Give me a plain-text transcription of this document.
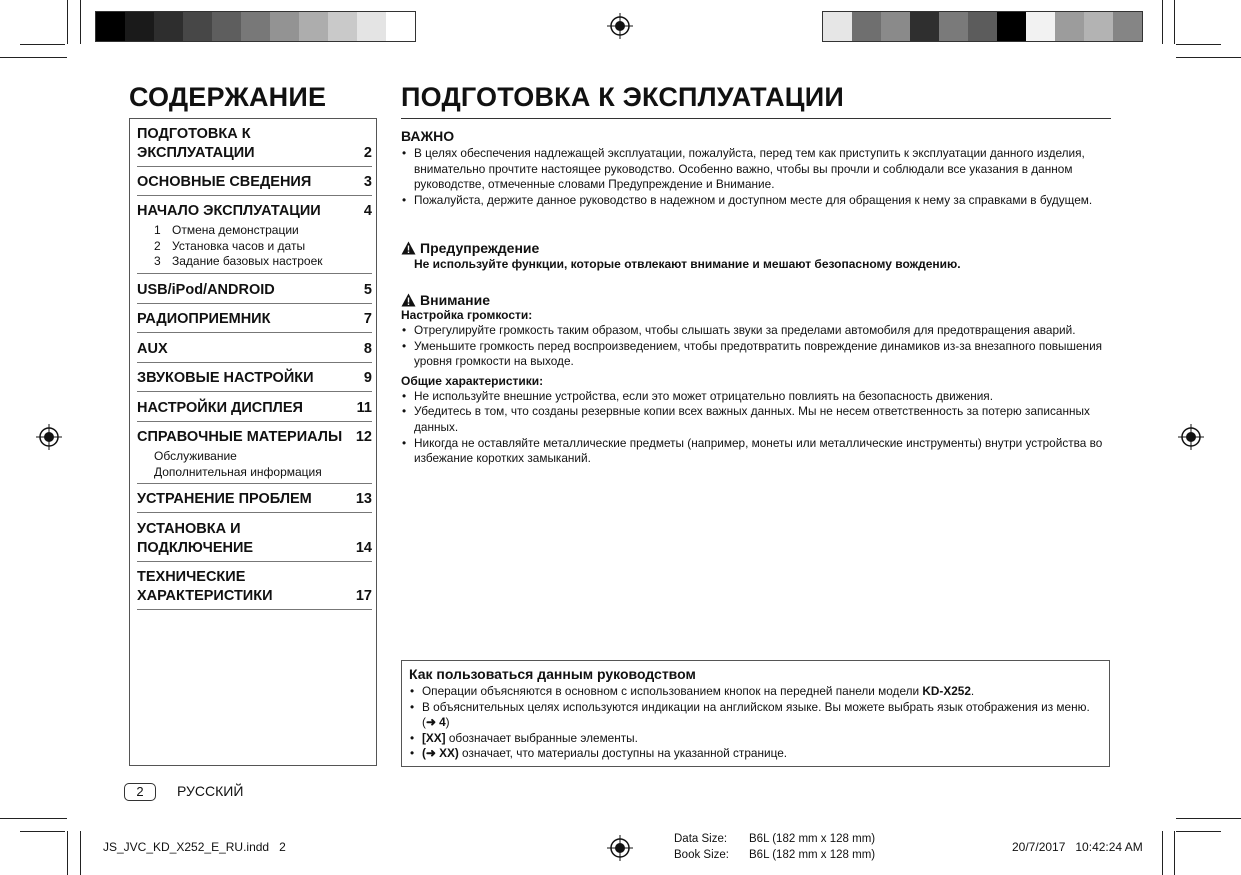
СОДЕРЖАНИЕ	ПОДГОТОВКА К ЭКСПЛУАТАЦИИ
ПОДГОТОВКА К
ЭКСПЛУАТАЦИИ	2
ОСНОВНЫЕ СВЕДЕНИЯ	3
НАЧАЛО ЭКСПЛУАТАЦИИ	4
1 Отмена демонстрации
2 Установка часов и даты
3 Задание базовых настроек
USB/iPod/ANDROID	5
РАДИОПРИЕМНИК	7
AUX	8
ЗВУКОВЫЕ НАСТРОЙКИ	9
НАСТРОЙКИ ДИСПЛЕЯ	11
СПРАВОЧНЫЕ МАТЕРИАЛЫ 12
Обслуживание
Дополнительная информация
УСТРАНЕНИЕ ПРОБЛЕМ	13
УСТАНОВКА И
ПОДКЛЮЧЕНИЕ	14
ТЕХНИЧЕСКИЕ
ХАРАКТЕРИСТИКИ	17
ВАЖНО
• В целях обеспечения надлежащей эксплуатации, пожалуйста, перед тем как приступить к эксплуатации данного изделия, внимательно прочтите настоящее руководство. Особенно важно, чтобы вы прочли и соблюдали все указания в данном руководстве, отмеченные словами Предупреждение и Внимание.
• Пожалуйста, держите данное руководство в надежном и доступном месте для обращения к нему за справками в будущем.
Предупреждение
Не используйте функции, которые отвлекают внимание и мешают безопасному вождению.
Внимание
Настройка громкости:
• Отрегулируйте громкость таким образом, чтобы слышать звуки за пределами автомобиля для предотвращения аварий.
• Уменьшите громкость перед воспроизведением, чтобы предотвратить повреждение динамиков из-за внезапного повышения уровня громкости на выходе.
Общие характеристики:
• Не используйте внешние устройства, если это может отрицательно повлиять на безопасность движения.
• Убедитесь в том, что созданы резервные копии всех важных данных. Мы не несем ответственность за потерю записанных данных.
• Никогда не оставляйте металлические предметы (например, монеты или металлические инструменты) внутри устройства во избежание коротких замыканий.
Как пользоваться данным руководством
• Операции объясняются в основном с использованием кнопок на передней панели модели KD-X252.
• В объяснительных целях используются индикации на английском языке. Вы можете выбрать язык отображения из меню. (➜ 4)
• [XX] обозначает выбранные элементы.
• (➜ XX) означает, что материалы доступны на указанной странице.
2	РУССКИЙ
JS_JVC_KD_X252_E_RU.indd   2
Data Size: B6L (182 mm x 128 mm)
Book Size: B6L (182 mm x 128 mm)
20/7/2017   10:42:24 AM
